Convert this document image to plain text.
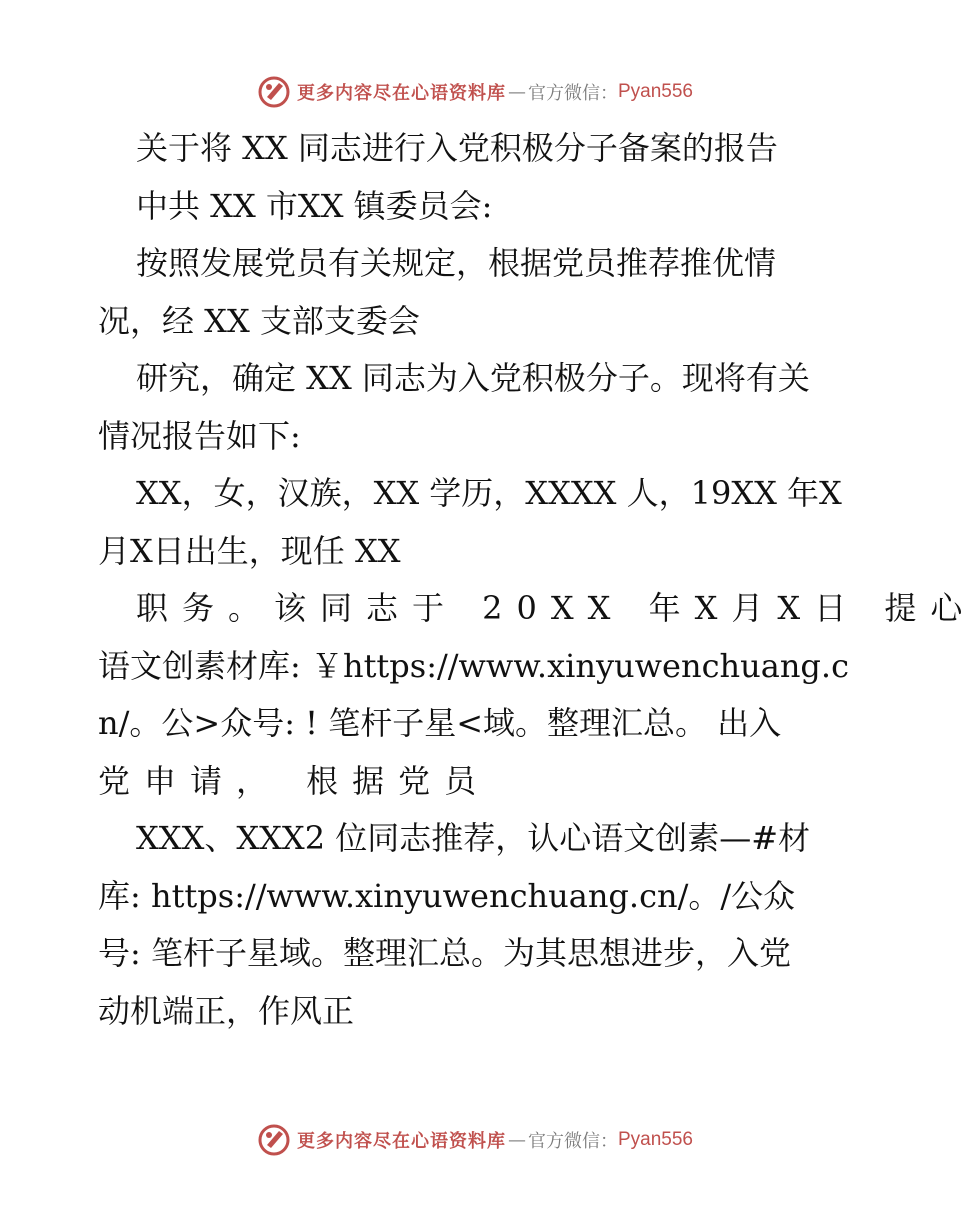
更多内容尽在心语资料库 — 官方微信： Pyan556
关于将 XX 同志进行入党积极分子备案的报告
中共 XX 市XX 镇委员会:
按照发展党员有关规定，根据党员推荐推优情
况，经 XX 支部支委会
研究，确定 XX 同志为入党积极分子。现将有关
情况报告如下:
XX，女，汉族，XX 学历，XXXX 人，19XX 年X
月X日出生，现任 XX
职务。该同志于 20XX 年X月X日 提心
语文创素材库: ￥https://www.xinyuwenchuang.c
n/。公>众号: ! 笔杆子星<域。整理汇总。 出入
党申请， 根据党员
XXX、XXX2 位同志推荐，认心语文创素—#材
库: https://www.xinyuwenchuang.cn/。/公众
号: 笔杆子星域。整理汇总。为其思想进步，入党
动机端正，作风正
更多内容尽在心语资料库 — 官方微信： Pyan556
